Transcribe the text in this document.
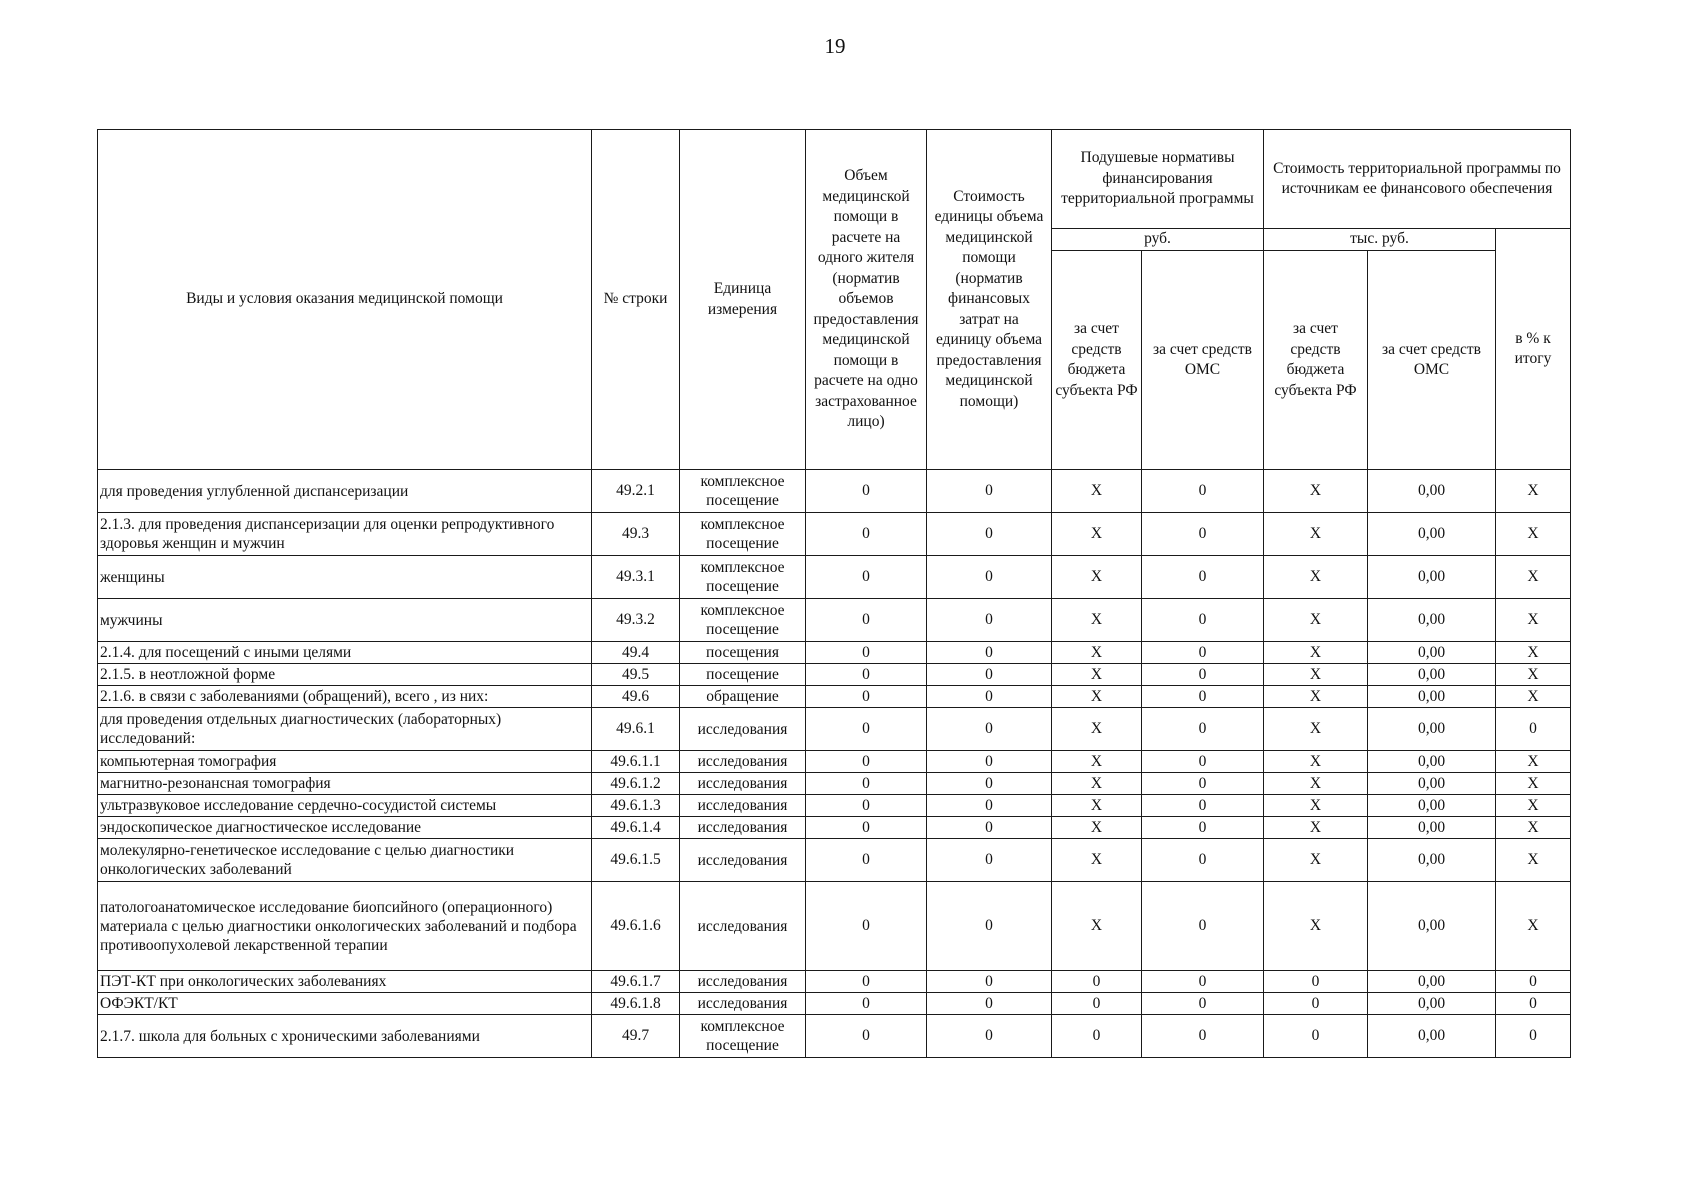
19
Виды и условия оказания медицинской помощи	№ строки	Единица измерения	Объем медицинской помощи в расчете на одного жителя (норматив объемов предоставления медицинской помощи в расчете на одно застрахованное лицо)	Стоимость единицы объема медицинской помощи (норматив финансовых затрат на единицу объема предоставления медицинской помощи)	Подушевые нормативы финансирования территориальной программы		Стоимость территориальной программы по источникам ее финансового обеспечения		
					руб.		тыс. руб.		в % к итогу
					за счет средств бюджета субъекта РФ	за счет средств ОМС	за счет средств бюджета субъекта РФ	за счет средств ОМС	
для проведения углубленной диспансеризации	49.2.1	комплексное посещение	0	0	X	0	X	0,00	X
2.1.3. для проведения диспансеризации для оценки репродуктивного здоровья женщин и мужчин	49.3	комплексное посещение	0	0	X	0	X	0,00	X
женщины	49.3.1	комплексное посещение	0	0	X	0	X	0,00	X
мужчины	49.3.2	комплексное посещение	0	0	X	0	X	0,00	X
2.1.4. для посещений с иными целями	49.4	посещения	0	0	X	0	X	0,00	X
2.1.5. в неотложной форме	49.5	посещение	0	0	X	0	X	0,00	X
2.1.6. в связи с заболеваниями (обращений), всего , из них:	49.6	обращение	0	0	X	0	X	0,00	X
для проведения отдельных диагностических (лабораторных) исследований:	49.6.1	исследования	0	0	X	0	X	0,00	0
компьютерная томография	49.6.1.1	исследования	0	0	X	0	X	0,00	X
магнитно-резонансная томография	49.6.1.2	исследования	0	0	X	0	X	0,00	X
ультразвуковое исследование сердечно-сосудистой системы	49.6.1.3	исследования	0	0	X	0	X	0,00	X
эндоскопическое диагностическое исследование	49.6.1.4	исследования	0	0	X	0	X	0,00	X
молекулярно-генетическое исследование с целью диагностики онкологических заболеваний	49.6.1.5	исследования	0	0	X	0	X	0,00	X
патологоанатомическое исследование биопсийного (операционного) материала с целью диагностики онкологических заболеваний и подбора противоопухолевой лекарственной терапии	49.6.1.6	исследования	0	0	X	0	X	0,00	X
ПЭТ-КТ при онкологических заболеваниях	49.6.1.7	исследования	0	0	0	0	0	0,00	0
ОФЭКТ/КТ	49.6.1.8	исследования	0	0	0	0	0	0,00	0
2.1.7. школа для больных с хроническими заболеваниями	49.7	комплексное посещение	0	0	0	0	0	0,00	0
